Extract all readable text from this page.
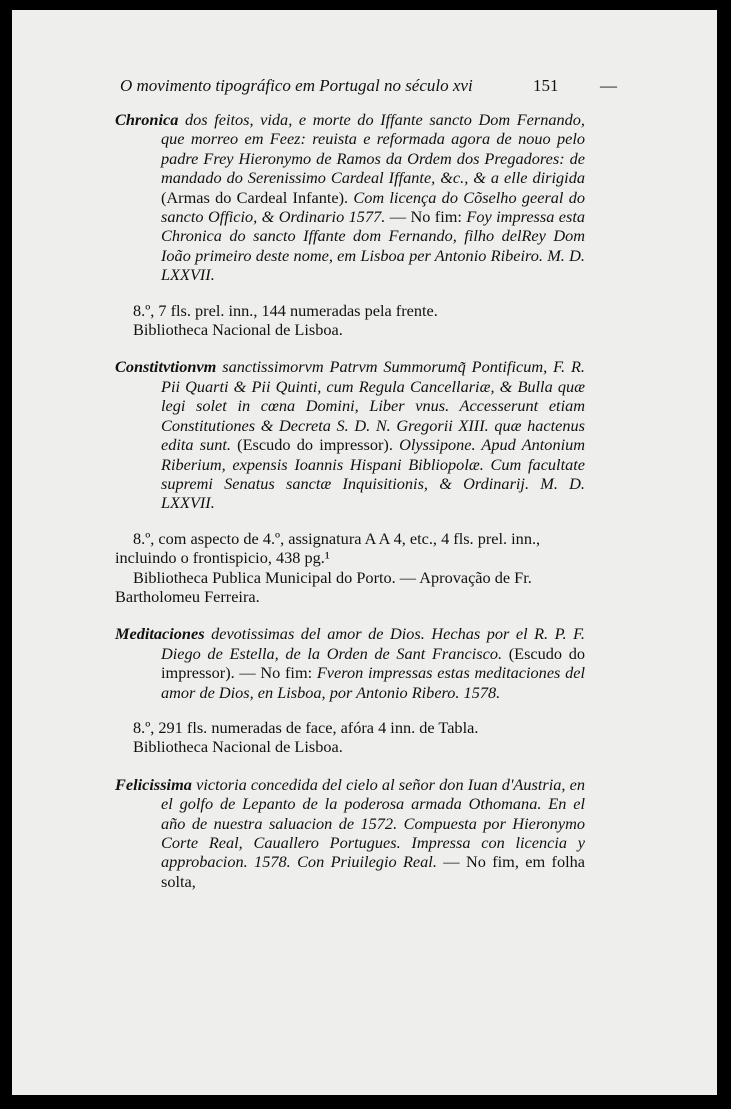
O movimento tipográfico em Portugal no século xvi	151 —

Chronica dos feitos, vida, e morte do Iffante sancto Dom Fernando, que morreo em Feez: reuista e reformada agora de nouo pelo padre Frey Hieronymo de Ramos da Ordem dos Pregadores: de mandado do Serenissimo Cardeal Iffante, &c., & a elle dirigida (Armas do Cardeal Infante). Com licença do Cõselho geeral do sancto Officio, & Ordinario 1577. — No fim: Foy impressa esta Chronica do sancto Iffante dom Fernando, filho delRey Dom Ioão primeiro deste nome, em Lisboa per Antonio Ribeiro. M. D. LXXVII.

8.º, 7 fls. prel. inn., 144 numeradas pela frente.

Bibliotheca Nacional de Lisboa.

Constitvtionvm sanctissimorvm Patrvm Summorumq̃ Pontificum, F. R. Pii Quarti & Pii Quinti, cum Regula Cancellariæ, & Bulla quæ legi solet in cœna Domini, Liber vnus. Accesserunt etiam Constitutiones & Decreta S. D. N. Gregorii XIII. quæ hactenus edita sunt. (Escudo do impressor). Olyssipone. Apud Antonium Riberium, expensis Ioannis Hispani Bibliopolæ. Cum facultate supremi Senatus sanctæ Inquisitionis, & Ordinarij. M. D. LXXVII.

8.º, com aspecto de 4.º, assignatura A A 4, etc., 4 fls. prel. inn., incluindo o frontispicio, 438 pg.¹

Bibliotheca Publica Municipal do Porto. — Aprovação de Fr. Bartholomeu Ferreira.

Meditaciones devotissimas del amor de Dios. Hechas por el R. P. F. Diego de Estella, de la Orden de Sant Francisco. (Escudo do impressor). — No fim: Fveron impressas estas meditaciones del amor de Dios, en Lisboa, por Antonio Ribero. 1578.

8.º, 291 fls. numeradas de face, afóra 4 inn. de Tabla.

Bibliotheca Nacional de Lisboa.

Felicissima victoria concedida del cielo al señor don Iuan d'Austria, en el golfo de Lepanto de la poderosa armada Othomana. En el año de nuestra saluacion de 1572. Compuesta por Hieronymo Corte Real, Cauallero Portugues. Impressa con licencia y approbacion. 1578. Con Priuilegio Real. — No fim, em folha solta,
